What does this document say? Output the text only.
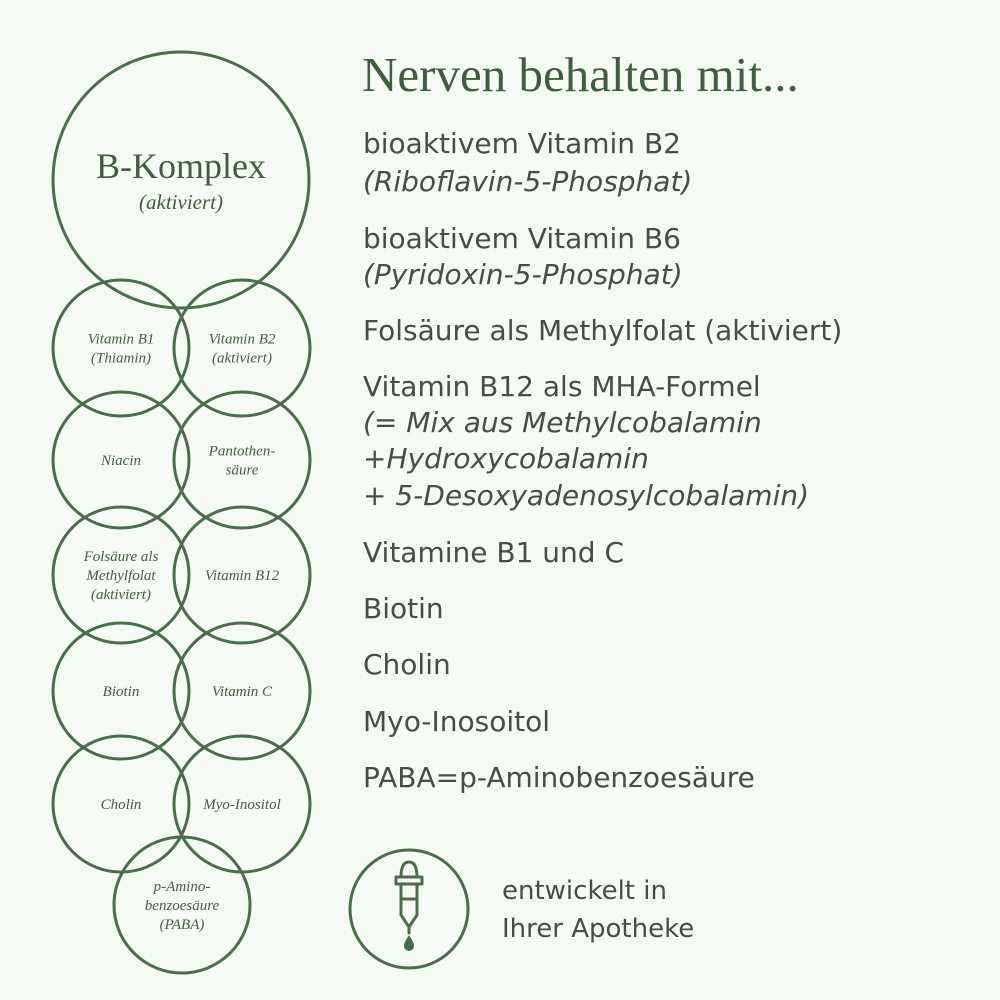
B-Komplex
(aktiviert)
Vitamin B1
(Thiamin)
Vitamin B2
(aktiviert)
Niacin
Pantothen-
säure
Folsäure als
Methylfolat
(aktiviert)
Vitamin B12
Biotin	Vitamin C
Cholin	Myo-Inositol
p-Amino-
benzoesäure
(PABA)
Nerven behalten mit...
bioaktivem Vitamin B2
(Riboflavin-5-Phosphat)
bioaktivem Vitamin B6
(Pyridoxin-5-Phosphat)
Folsäure als Methylfolat (aktiviert)
Vitamin B12 als MHA-Formel
(= Mix aus Methylcobalamin
+Hydroxycobalamin
+ 5-Desoxyadenosylcobalamin)
Vitamine B1 und C
Biotin
Cholin
Myo-Inosoitol
PABA=p-Aminobenzoesäure
entwickelt in
Ihrer Apotheke
